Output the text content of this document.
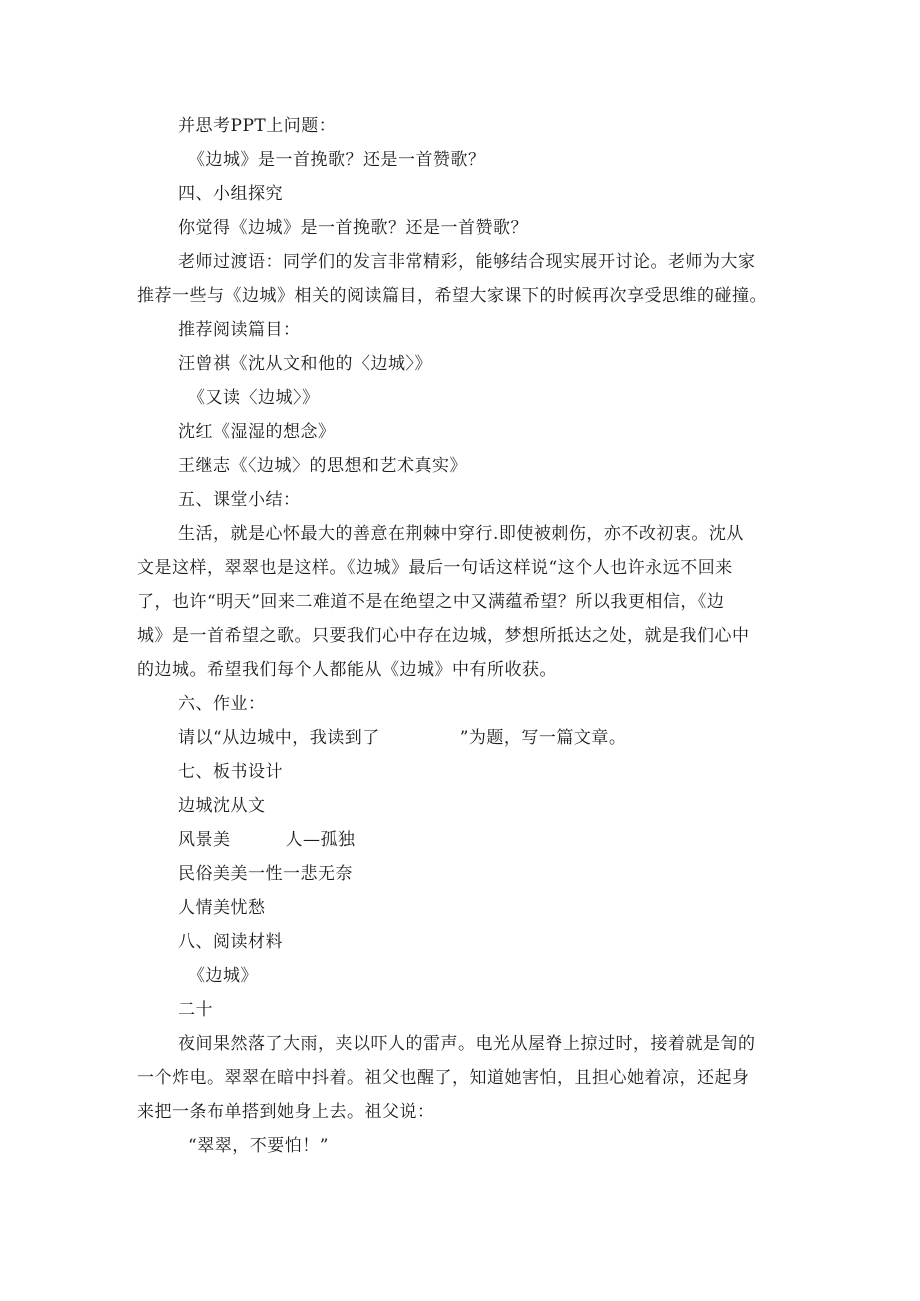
并思考PPT上问题：

《边城》是一首挽歌？还是一首赞歌？

四、小组探究

你觉得《边城》是一首挽歌？还是一首赞歌？

老师过渡语：同学们的发言非常精彩，能够结合现实展开讨论。老师为大家

推荐一些与《边城》相关的阅读篇目，希望大家课下的时候再次享受思维的碰撞。

推荐阅读篇目：

汪曾祺《沈从文和他的〈边城〉》

《又读〈边城〉》

沈红《湿湿的想念》

王继志《〈边城〉的思想和艺术真实》

五、课堂小结：

生活，就是心怀最大的善意在荆棘中穿行.即使被刺伤，亦不改初衷。沈从

文是这样，翠翠也是这样。《边城》最后一句话这样说“这个人也许永远不回来

了，也许“明天”回来二难道不是在绝望之中又满蕴希望？所以我更相信，《边

城》是一首希望之歌。只要我们心中存在边城，梦想所抵达之处，就是我们心中

的边城。希望我们每个人都能从《边城》中有所收获。

六、作业：

请以“从边城中，我读到了	”为题，写一篇文章。

七、板书设计

边城沈从文

风景美	人—孤独

民俗美美一性一悲无奈

人情美忧愁

八、阅读材料

《边城》

二十

夜间果然落了大雨，夹以吓人的雷声。电光从屋脊上掠过时，接着就是訇的

一个炸电。翠翠在暗中抖着。祖父也醒了，知道她害怕，且担心她着凉，还起身

来把一条布单搭到她身上去。祖父说：

“翠翠，不要怕！”
